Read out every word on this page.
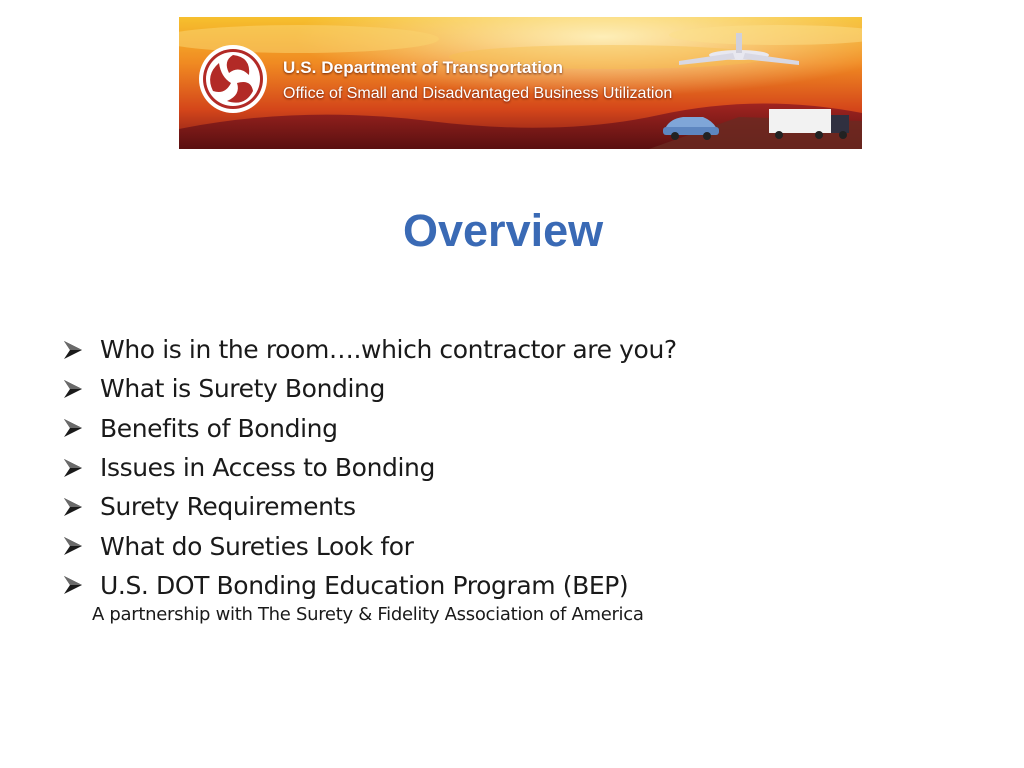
U.S. Department of Transportation
Office of Small and Disadvantaged Business Utilization
Overview
Who is in the room….which contractor are you?
What is Surety Bonding
Benefits of Bonding
Issues in Access to Bonding
Surety Requirements
What do Sureties Look for
U.S. DOT Bonding Education Program (BEP)
A partnership with The Surety & Fidelity Association of America
